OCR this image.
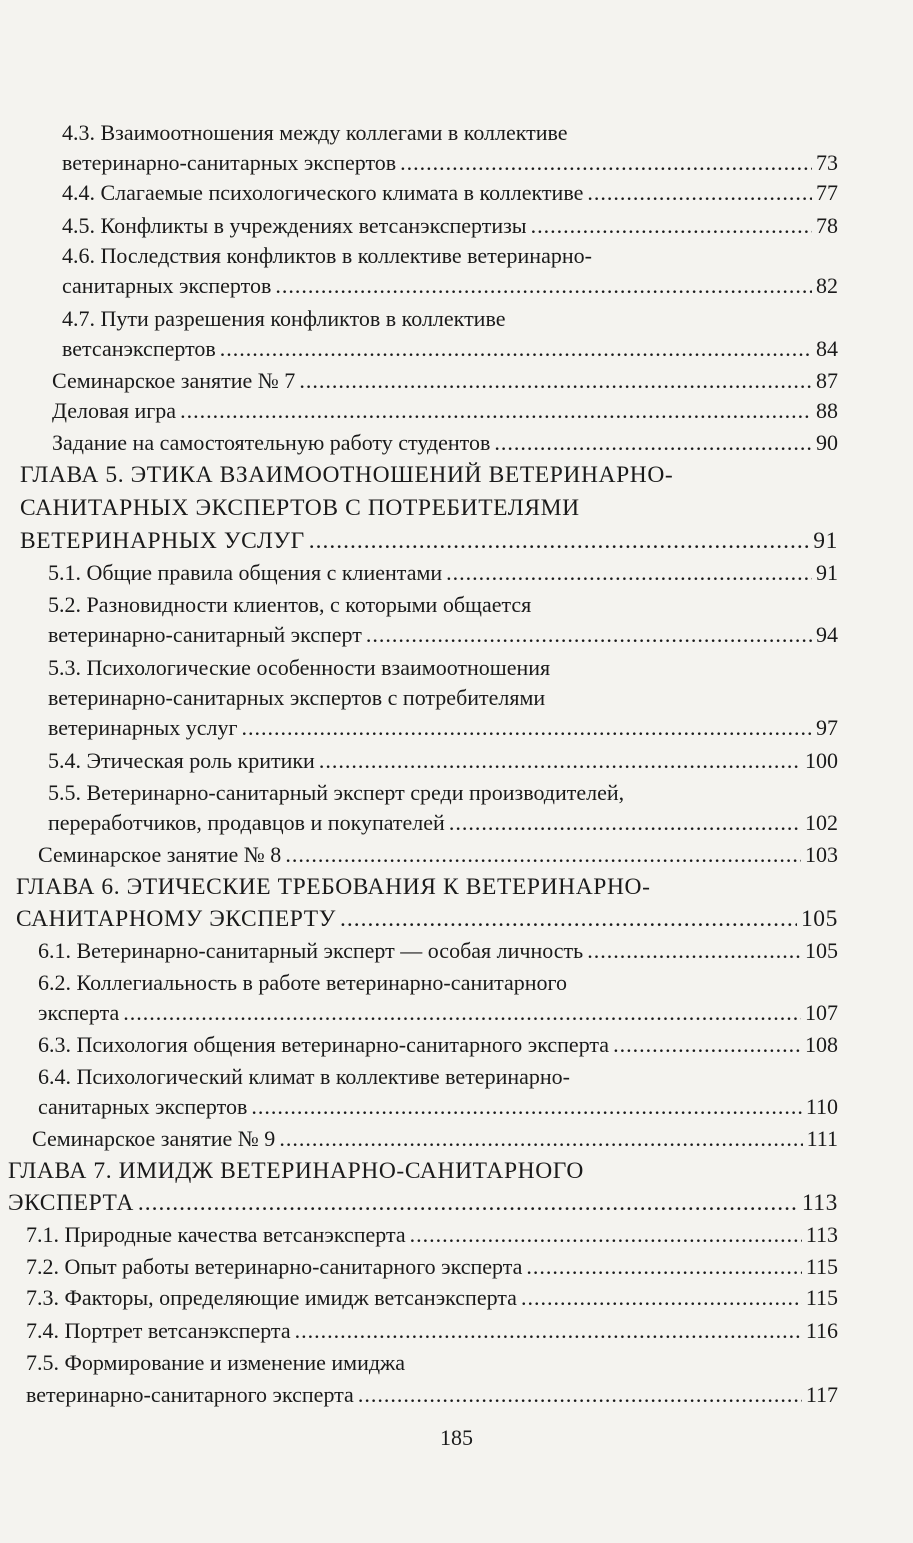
4.3. Взаимоотношения между коллегами в коллективе
ветеринарно-санитарных экспертов .....	73
4.4. Слагаемые психологического климата в коллективе .....	77
4.5. Конфликты в учреждениях ветсанэкспертизы .....	78
4.6. Последствия конфликтов в коллективе ветеринарно-
санитарных экспертов .....	82
4.7. Пути разрешения конфликтов в коллективе
ветсанэкспертов .....	84
Семинарское занятие № 7 .....	87
Деловая игра .....	88
Задание на самостоятельную работу студентов .....	90
ГЛАВА 5. ЭТИКА ВЗАИМООТНОШЕНИЙ ВЕТЕРИНАРНО-
САНИТАРНЫХ ЭКСПЕРТОВ С ПОТРЕБИТЕЛЯМИ
ВЕТЕРИНАРНЫХ УСЛУГ .....	91
5.1. Общие правила общения с клиентами .....	91
5.2. Разновидности клиентов, с которыми общается
ветеринарно-санитарный эксперт .....	94
5.3. Психологические особенности взаимоотношения
ветеринарно-санитарных экспертов с потребителями
ветеринарных услуг .....	97
5.4. Этическая роль критики .....	100
5.5. Ветеринарно-санитарный эксперт среди производителей,
переработчиков, продавцов и покупателей .....	102
Семинарское занятие № 8 .....	103
ГЛАВА 6. ЭТИЧЕСКИЕ ТРЕБОВАНИЯ К ВЕТЕРИНАРНО-
САНИТАРНОМУ ЭКСПЕРТУ .....	105
6.1. Ветеринарно-санитарный эксперт — особая личность .....	105
6.2. Коллегиальность в работе ветеринарно-санитарного
эксперта .....	107
6.3. Психология общения ветеринарно-санитарного эксперта .....	108
6.4. Психологический климат в коллективе ветеринарно-
санитарных экспертов .....	110
Семинарское занятие № 9 .....	111
ГЛАВА 7. ИМИДЖ ВЕТЕРИНАРНО-САНИТАРНОГО
ЭКСПЕРТА .....	113
7.1. Природные качества ветсанэксперта .....	113
7.2. Опыт работы ветеринарно-санитарного эксперта .....	115
7.3. Факторы, определяющие имидж ветсанэксперта .....	115
7.4. Портрет ветсанэксперта .....	116
7.5. Формирование и изменение имиджа
ветеринарно-санитарного эксперта .....	117
185
